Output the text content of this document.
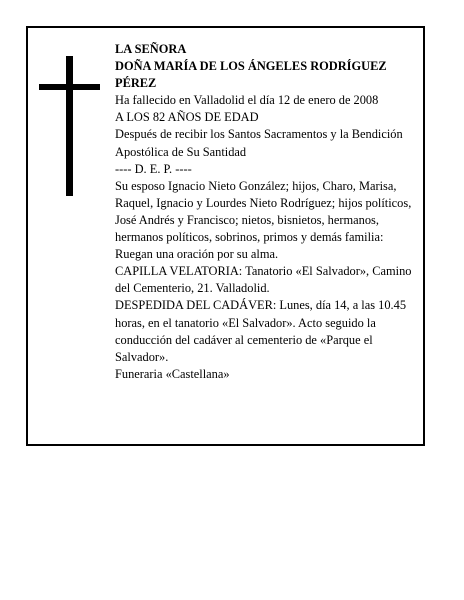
LA SEÑORA
DOÑA MARÍA DE LOS ÁNGELES RODRÍGUEZ PÉREZ
Ha fallecido en Valladolid el día 12 de enero de 2008
A LOS 82 AÑOS DE EDAD
Después de recibir los Santos Sacramentos y la Bendición Apostólica de Su Santidad
---- D. E. P. ----
Su esposo Ignacio Nieto González; hijos, Charo, Marisa, Raquel, Ignacio y Lourdes Nieto Rodríguez; hijos políticos, José Andrés y Francisco; nietos, bisnietos, hermanos, hermanos políticos, sobrinos, primos y demás familia:
Ruegan una oración por su alma.
CAPILLA VELATORIA: Tanatorio «El Salvador», Camino del Cementerio, 21. Valladolid.
DESPEDIDA DEL CADÁVER: Lunes, día 14, a las 10.45 horas, en el tanatorio «El Salvador». Acto seguido la conducción del cadáver al cementerio de «Parque el Salvador».
Funeraria «Castellana»
